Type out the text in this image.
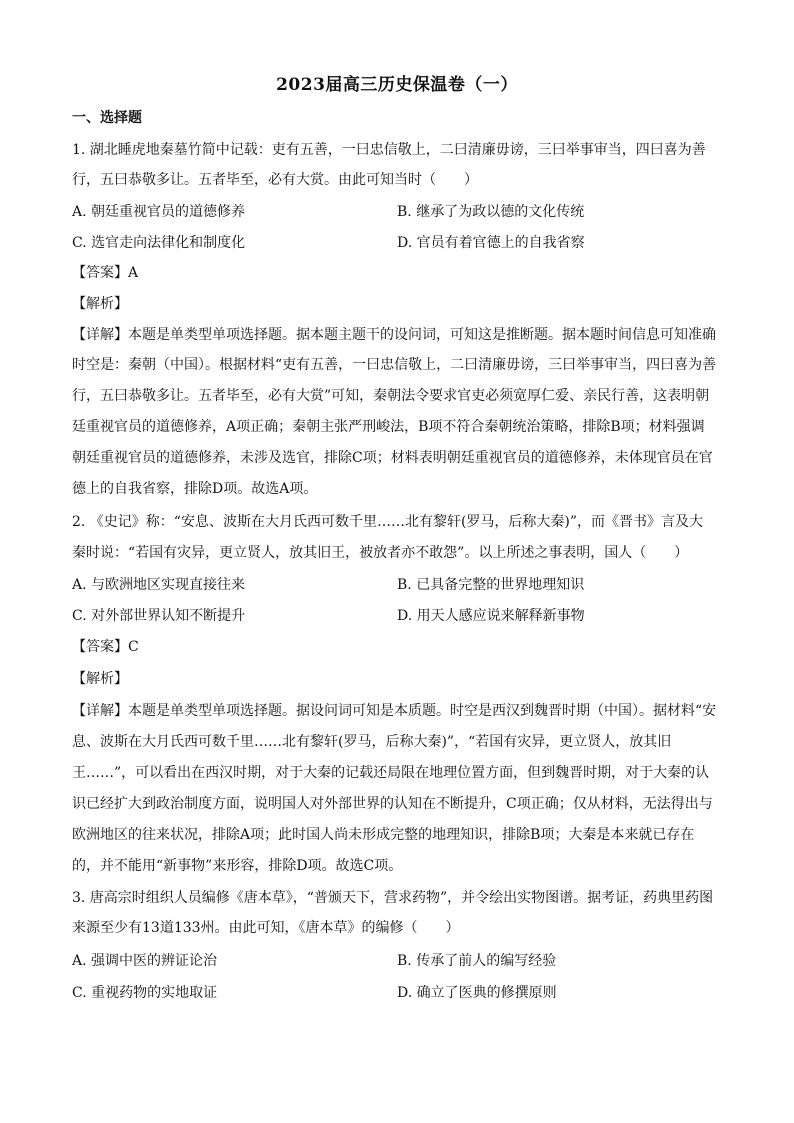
2023届高三历史保温卷（一）
一、选择题
1. 湖北睡虎地秦墓竹简中记载：吏有五善，一曰忠信敬上，二曰清廉毋谤，三曰举事审当，四曰喜为善
行，五曰恭敬多让。五者毕至，必有大赏。由此可知当时（　　）
A. 朝廷重视官员的道德修养	B. 继承了为政以德的文化传统
C. 选官走向法律化和制度化	D. 官员有着官德上的自我省察
【答案】A
【解析】
【详解】本题是单类型单项选择题。据本题主题干的设问词，可知这是推断题。据本题时间信息可知准确
时空是：秦朝（中国）。根据材料“吏有五善，一曰忠信敬上，二曰清廉毋谤，三曰举事审当，四曰喜为善
行，五曰恭敬多让。五者毕至，必有大赏”可知，秦朝法令要求官吏必须宽厚仁爱、亲民行善，这表明朝
廷重视官员的道德修养，A项正确；秦朝主张严刑峻法，B项不符合秦朝统治策略，排除B项；材料强调
朝廷重视官员的道德修养，未涉及选官，排除C项；材料表明朝廷重视官员的道德修养，未体现官员在官
德上的自我省察，排除D项。故选A项。
2. 《史记》称：“安息、波斯在大月氏西可数千里……北有黎轩(罗马，后称大秦)”，而《晋书》言及大
秦时说：“若国有灾异，更立贤人，放其旧王，被放者亦不敢怨”。以上所述之事表明，国人（　　）
A. 与欧洲地区实现直接往来	B. 已具备完整的世界地理知识
C. 对外部世界认知不断提升	D. 用天人感应说来解释新事物
【答案】C
【解析】
【详解】本题是单类型单项选择题。据设问词可知是本质题。时空是西汉到魏晋时期（中国）。据材料“安
息、波斯在大月氏西可数千里……北有黎轩(罗马，后称大秦)”，“若国有灾异，更立贤人，放其旧
王……”，可以看出在西汉时期，对于大秦的记载还局限在地理位置方面，但到魏晋时期，对于大秦的认
识已经扩大到政治制度方面，说明国人对外部世界的认知在不断提升，C项正确；仅从材料，无法得出与
欧洲地区的往来状况，排除A项；此时国人尚未形成完整的地理知识，排除B项；大秦是本来就已存在
的，并不能用“新事物”来形容，排除D项。故选C项。
3. 唐高宗时组织人员编修《唐本草》，“普颁天下，营求药物”，并令绘出实物图谱。据考证，药典里药图
来源至少有13道133州。由此可知，《唐本草》的编修（　　）
A. 强调中医的辨证论治	B. 传承了前人的编写经验
C. 重视药物的实地取证	D. 确立了医典的修撰原则
